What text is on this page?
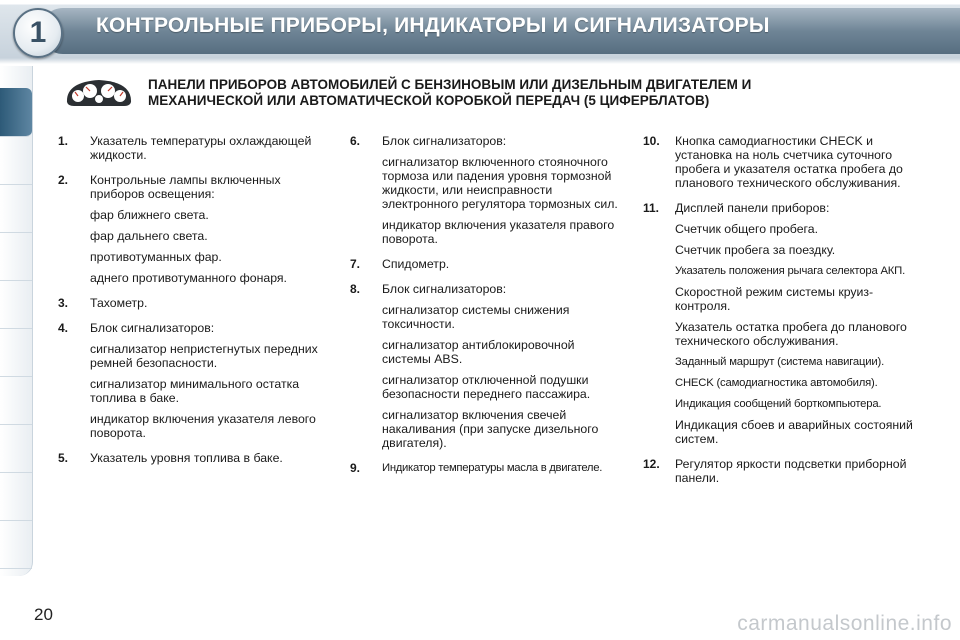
1	КОНТРОЛЬНЫЕ ПРИБОРЫ, ИНДИКАТОРЫ И СИГНАЛИЗАТОРЫ
ПАНЕЛИ ПРИБОРОВ АВТОМОБИЛЕЙ С БЕНЗИНОВЫМ ИЛИ ДИЗЕЛЬНЫМ ДВИГАТЕЛЕМ И
МЕХАНИЧЕСКОЙ ИЛИ АВТОМАТИЧЕСКОЙ КОРОБКОЙ ПЕРЕДАЧ (5 ЦИФЕРБЛАТОВ)
1. Указатель температуры охлаждающей жидкости.
2. Контрольные лампы включенных приборов освещения:
фар ближнего света.
фар дальнего света.
противотуманных фар.
аднего противотуманного фонаря.
3. Тахометр.
4. Блок сигнализаторов:
сигнализатор непристегнутых передних ремней безопасности.
сигнализатор минимального остатка топлива в баке.
индикатор включения указателя левого поворота.
5. Указатель уровня топлива в баке.
6. Блок сигнализаторов:
сигнализатор включенного стояночного тормоза или падения уровня тормозной жидкости, или неисправности электронного регулятора тормозных сил.
индикатор включения указателя правого поворота.
7. Спидометр.
8. Блок сигнализаторов:
сигнализатор системы снижения токсичности.
сигнализатор антиблокировочной системы ABS.
сигнализатор отключенной подушки безопасности переднего пассажира.
сигнализатор включения свечей накаливания (при запуске дизельного двигателя).
9. Индикатор температуры масла в двигателе.
10. Кнопка самодиагностики CHECK и установка на ноль счетчика суточного пробега и указателя остатка пробега до планового технического обслуживания.
11. Дисплей панели приборов:
Счетчик общего пробега.
Счетчик пробега за поездку.
Указатель положения рычага селектора АКП.
Скоростной режим системы круиз-контроля.
Указатель остатка пробега до планового технического обслуживания.
Заданный маршрут (система навигации).
CHECK (самодиагностика автомобиля).
Индикация сообщений борткомпьютера.
Индикация сбоев и аварийных состояний систем.
12. Регулятор яркости подсветки приборной панели.
20	carmanualsonline.info
